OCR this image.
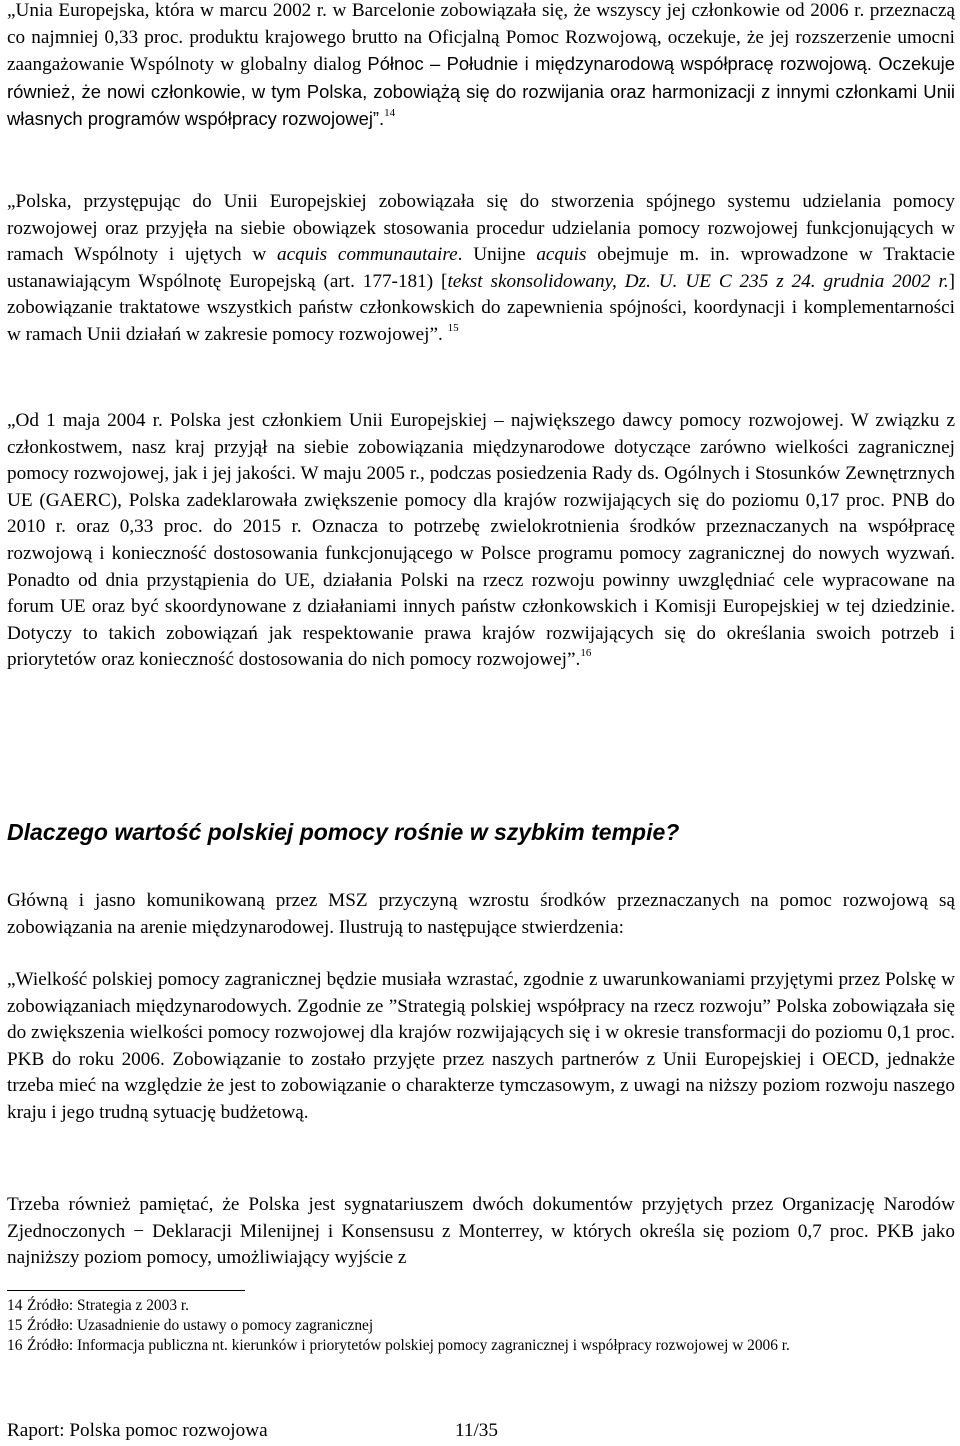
„Unia Europejska, która w marcu 2002 r. w Barcelonie zobowiązała się, że wszyscy jej członkowie od 2006 r. przeznaczą co najmniej 0,33 proc. produktu krajowego brutto na Oficjalną Pomoc Rozwojową, oczekuje, że jej rozszerzenie umocni zaangażowanie Wspólnoty w globalny dialog Północ – Południe i międzynarodową współpracę rozwojową. Oczekuje również, że nowi członkowie, w tym Polska, zobowiążą się do rozwijania oraz harmonizacji z innymi członkami Unii własnych programów współpracy rozwojowej”.$^{14}$

„Polska, przystępując do Unii Europejskiej zobowiązała się do stworzenia spójnego systemu udzielania pomocy rozwojowej oraz przyjęła na siebie obowiązek stosowania procedur udzielania pomocy rozwojowej funkcjonujących w ramach Wspólnoty i ujętych w acquis communautaire. Unijne acquis obejmuje m. in. wprowadzone w Traktacie ustanawiającym Wspólnotę Europejską (art. 177-181) [tekst skonsolidowany, Dz. U. UE C 235 z 24. grudnia 2002 r.] zobowiązanie traktatowe wszystkich państw członkowskich do zapewnienia spójności, koordynacji i komplementarności w ramach Unii działań w zakresie pomocy rozwojowej”. $^{15}$

„Od 1 maja 2004 r. Polska jest członkiem Unii Europejskiej – największego dawcy pomocy rozwojowej. W związku z członkostwem, nasz kraj przyjął na siebie zobowiązania międzynarodowe dotyczące zarówno wielkości zagranicznej pomocy rozwojowej, jak i jej jakości. W maju 2005 r., podczas posiedzenia Rady ds. Ogólnych i Stosunków Zewnętrznych UE (GAERC), Polska zadeklarowała zwiększenie pomocy dla krajów rozwijających się do poziomu 0,17 proc. PNB do 2010 r. oraz 0,33 proc. do 2015 r. Oznacza to potrzebę zwielokrotnienia środków przeznaczanych na współpracę rozwojową i konieczność dostosowania funkcjonującego w Polsce programu pomocy zagranicznej do nowych wyzwań. Ponadto od dnia przystąpienia do UE, działania Polski na rzecz rozwoju powinny uwzględniać cele wypracowane na forum UE oraz być skoordynowane z działaniami innych państw członkowskich i Komisji Europejskiej w tej dziedzinie. Dotyczy to takich zobowiązań jak respektowanie prawa krajów rozwijających się do określania swoich potrzeb i priorytetów oraz konieczność dostosowania do nich pomocy rozwojowej”.$^{16}$

Dlaczego wartość polskiej pomocy rośnie w szybkim tempie?

Główną i jasno komunikowaną przez MSZ przyczyną wzrostu środków przeznaczanych na pomoc rozwojową są zobowiązania na arenie międzynarodowej. Ilustrują to następujące stwierdzenia:

„Wielkość polskiej pomocy zagranicznej będzie musiała wzrastać, zgodnie z uwarunkowaniami przyjętymi przez Polskę w zobowiązaniach międzynarodowych. Zgodnie ze ”Strategią polskiej współpracy na rzecz rozwoju” Polska zobowiązała się do zwiększenia wielkości pomocy rozwojowej dla krajów rozwijających się i w okresie transformacji do poziomu 0,1 proc. PKB do roku 2006. Zobowiązanie to zostało przyjęte przez naszych partnerów z Unii Europejskiej i OECD, jednakże trzeba mieć na względzie że jest to zobowiązanie o charakterze tymczasowym, z uwagi na niższy poziom rozwoju naszego kraju i jego trudną sytuację budżetową.

Trzeba również pamiętać, że Polska jest sygnatariuszem dwóch dokumentów przyjętych przez Organizację Narodów Zjednoczonych − Deklaracji Milenijnej i Konsensusu z Monterrey, w których określa się poziom 0,7 proc. PKB jako najniższy poziom pomocy, umożliwiający wyjście z

14 Źródło: Strategia z 2003 r.
15 Źródło: Uzasadnienie do ustawy o pomocy zagranicznej
16 Źródło: Informacja publiczna nt. kierunków i priorytetów polskiej pomocy zagranicznej i współpracy rozwojowej w 2006 r.
Raport: Polska pomoc rozwojowa	11/35
